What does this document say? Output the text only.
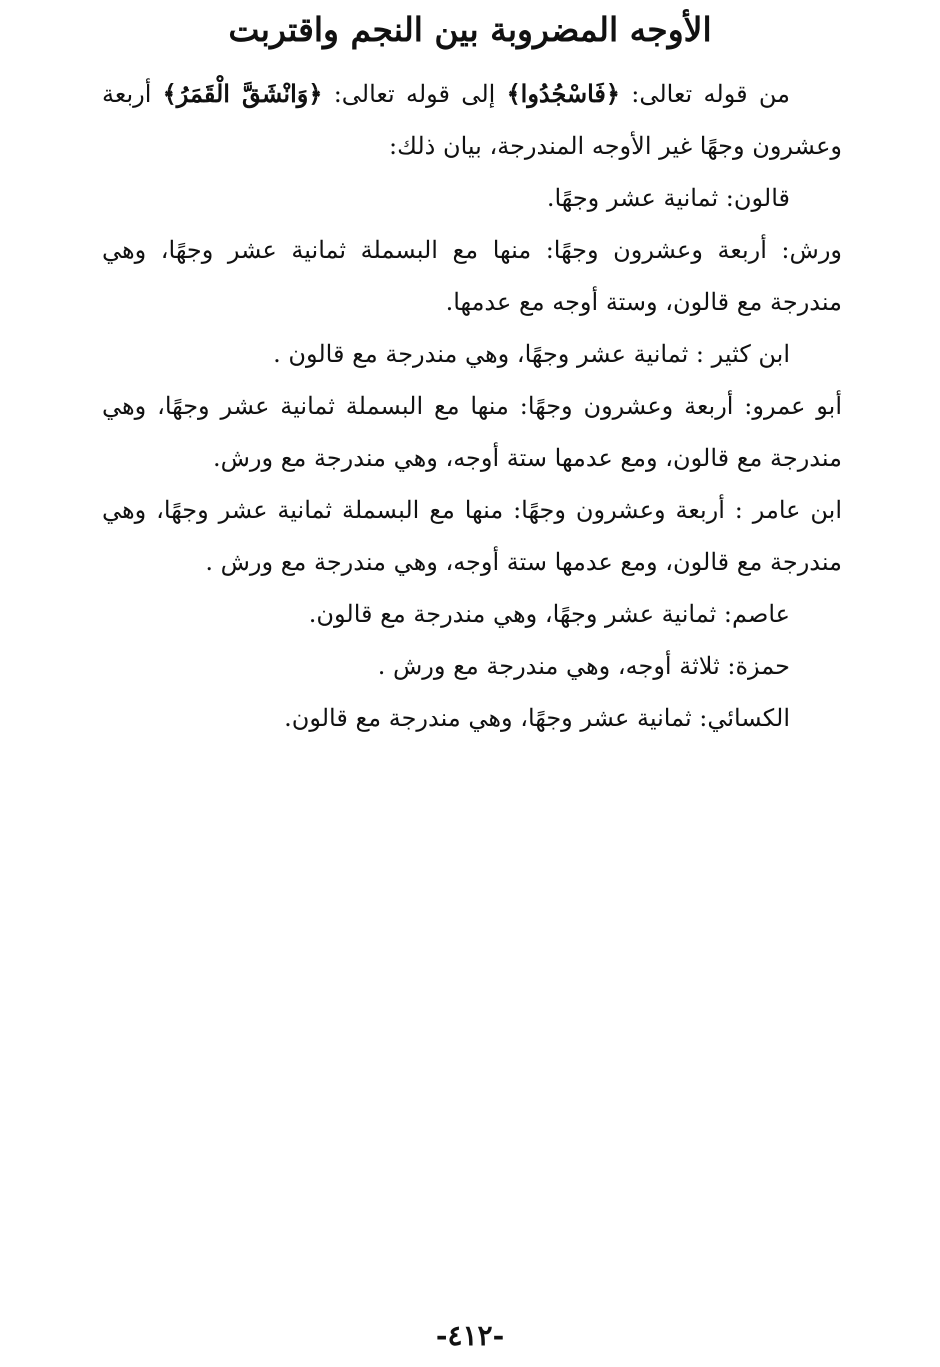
الأوجه المضروبة بين النجم واقتربت

من قوله تعالى: ﴿فَاسْجُدُوا﴾ إلى قوله تعالى: ﴿وَانْشَقَّ الْقَمَرُ﴾ أربعة وعشرون وجهًا غير الأوجه المندرجة، بيان ذلك:

قالون: ثمانية عشر وجهًا.

ورش: أربعة وعشرون وجهًا: منها مع البسملة ثمانية عشر وجهًا، وهي مندرجة مع قالون، وستة أوجه مع عدمها.

ابن كثير : ثمانية عشر وجهًا، وهي مندرجة مع قالون .

أبو عمرو: أربعة وعشرون وجهًا: منها مع البسملة ثمانية عشر وجهًا، وهي مندرجة مع قالون، ومع عدمها ستة أوجه، وهي مندرجة مع ورش.

ابن عامر : أربعة وعشرون وجهًا: منها مع البسملة ثمانية عشر وجهًا، وهي مندرجة مع قالون، ومع عدمها ستة أوجه، وهي مندرجة مع ورش .

عاصم: ثمانية عشر وجهًا، وهي مندرجة مع قالون.

حمزة: ثلاثة أوجه، وهي مندرجة مع ورش .

الكسائي: ثمانية عشر وجهًا، وهي مندرجة مع قالون.

-٤١٢-
